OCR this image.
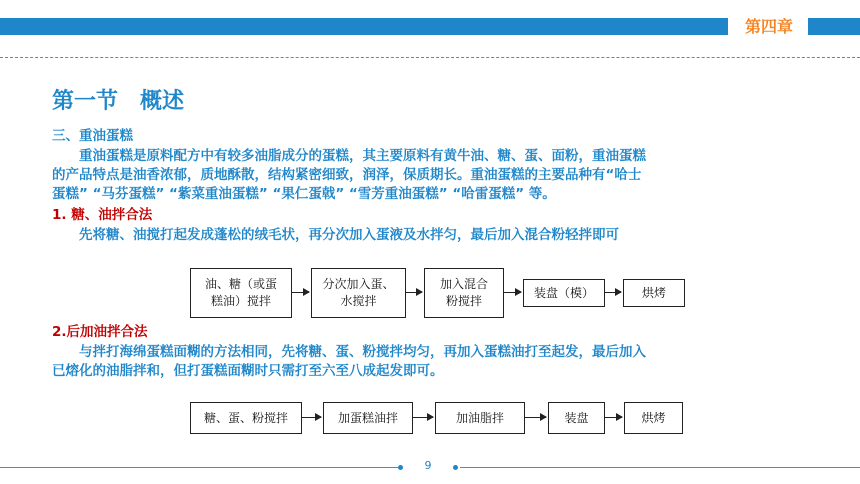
第四章
第一节　概述
三、重油蛋糕
　　重油蛋糕是原料配方中有较多油脂成分的蛋糕，其主要原料有黄牛油、糖、蛋、面粉，重油蛋糕
的产品特点是油香浓郁，质地酥散，结构紧密细致，润泽，保质期长。重油蛋糕的主要品种有“哈士
蛋糕” “马芬蛋糕” “紫菜重油蛋糕” “果仁蛋戟” “雪芳重油蛋糕” “哈雷蛋糕” 等。
1. 糖、油拌合法
　　先将糖、油搅打起发成蓬松的绒毛状，再分次加入蛋液及水拌匀，最后加入混合粉轻拌即可
油、糖（或蛋
糕油）搅拌
分次加入蛋、
水搅拌
加入混合
粉搅拌
装盘（模）	烘烤
2.后加油拌合法
　　与拌打海绵蛋糕面糊的方法相同，先将糖、蛋、粉搅拌均匀，再加入蛋糕油打至起发，最后加入
已熔化的油脂拌和，但打蛋糕面糊时只需打至六至八成起发即可。
糖、蛋、粉搅拌	加蛋糕油拌	加油脂拌	装盘	烘烤
9
